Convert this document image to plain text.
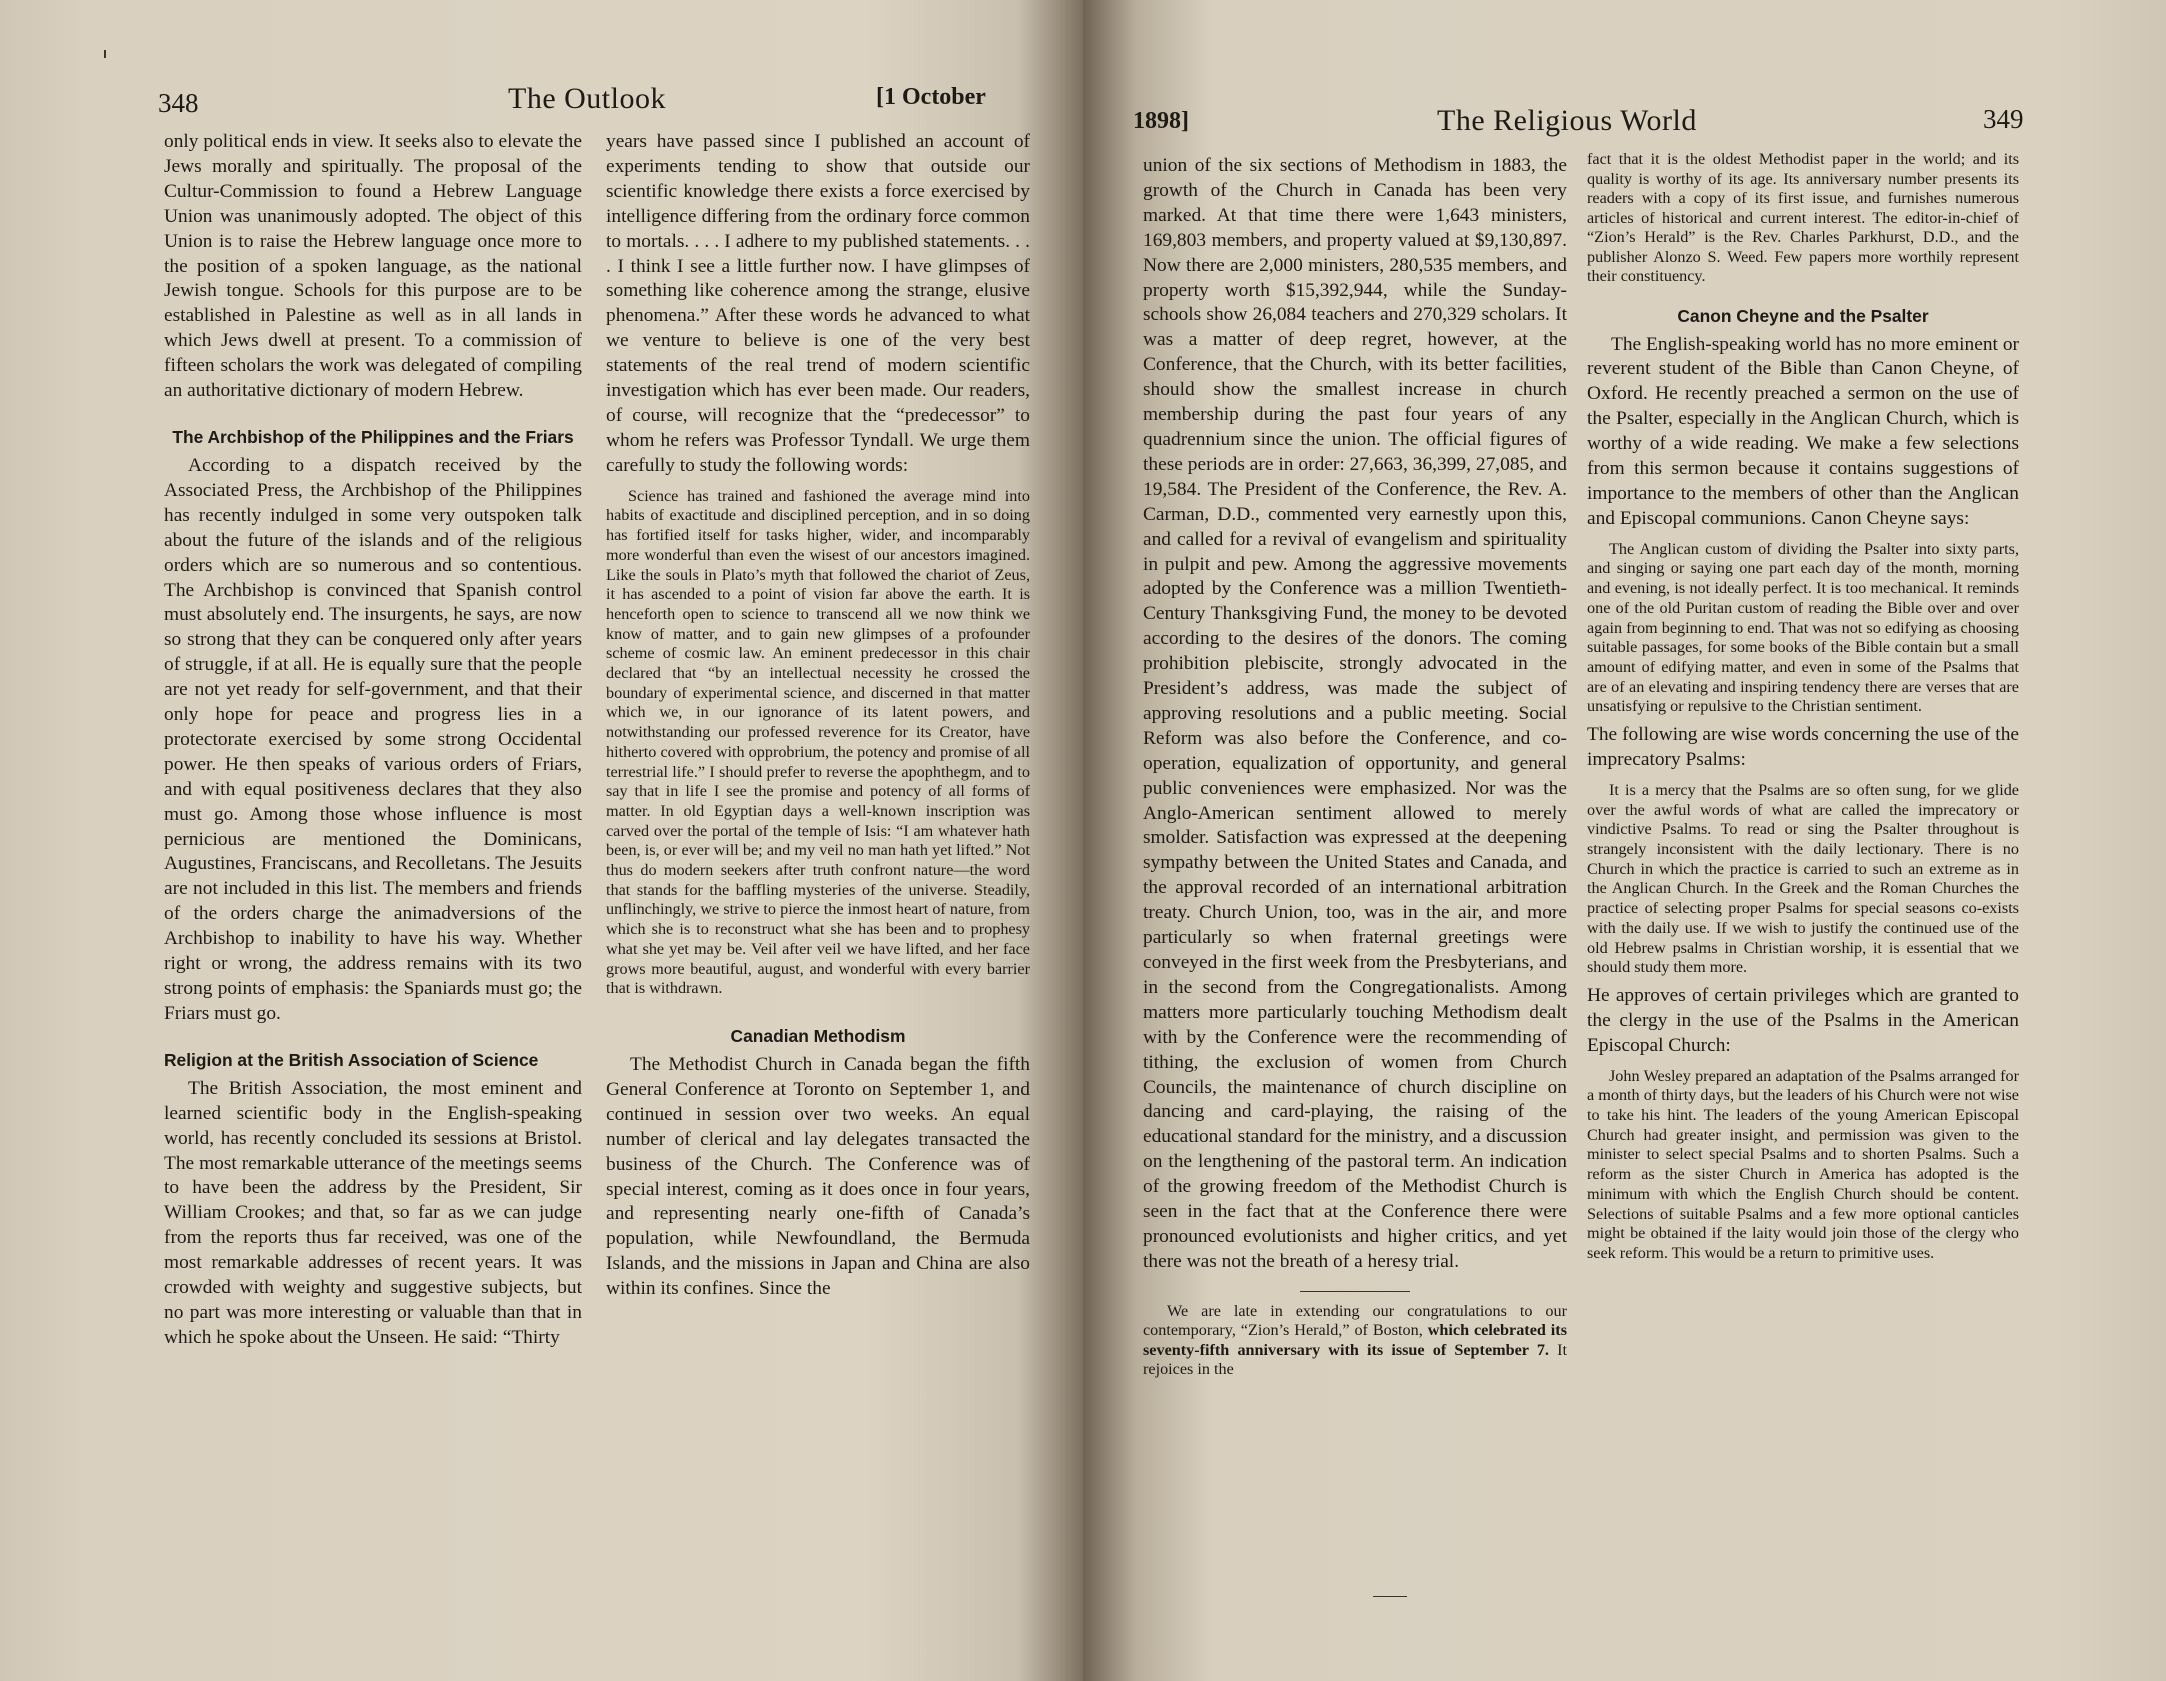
348	The Outlook	[1 October

only political ends in view. It seeks also to elevate the Jews morally and spiritually. The proposal of the Cultur-Commission to found a Hebrew Language Union was unanimously adopted. The object of this Union is to raise the Hebrew language once more to the position of a spoken language, as the national Jewish tongue. Schools for this purpose are to be established in Palestine as well as in all lands in which Jews dwell at present. To a commission of fifteen scholars the work was delegated of compiling an authoritative dictionary of modern Hebrew.

The Archbishop of the Philippines and the Friars

According to a dispatch received by the Associated Press, the Archbishop of the Philippines has recently indulged in some very outspoken talk about the future of the islands and of the religious orders which are so numerous and so contentious. The Archbishop is convinced that Spanish control must absolutely end. The insurgents, he says, are now so strong that they can be conquered only after years of struggle, if at all. He is equally sure that the people are not yet ready for self-government, and that their only hope for peace and progress lies in a protectorate exercised by some strong Occidental power. He then speaks of various orders of Friars, and with equal positiveness declares that they also must go. Among those whose influence is most pernicious are mentioned the Dominicans, Augustines, Franciscans, and Recolletans. The Jesuits are not included in this list. The members and friends of the orders charge the animadversions of the Archbishop to inability to have his way. Whether right or wrong, the address remains with its two strong points of emphasis: the Spaniards must go; the Friars must go.

Religion at the British Association of Science

The British Association, the most eminent and learned scientific body in the English-speaking world, has recently concluded its sessions at Bristol. The most remarkable utterance of the meetings seems to have been the address by the President, Sir William Crookes; and that, so far as we can judge from the reports thus far received, was one of the most remarkable addresses of recent years. It was crowded with weighty and suggestive subjects, but no part was more interesting or valuable than that in which he spoke about the Unseen. He said: “Thirty

years have passed since I published an account of experiments tending to show that outside our scientific knowledge there exists a force exercised by intelligence differing from the ordinary force common to mortals. . . . I adhere to my published statements. . . . I think I see a little further now. I have glimpses of something like coherence among the strange, elusive phenomena.” After these words he advanced to what we venture to believe is one of the very best statements of the real trend of modern scientific investigation which has ever been made. Our readers, of course, will recognize that the “predecessor” to whom he refers was Professor Tyndall. We urge them carefully to study the following words:

Science has trained and fashioned the average mind into habits of exactitude and disciplined perception, and in so doing has fortified itself for tasks higher, wider, and incomparably more wonderful than even the wisest of our ancestors imagined. Like the souls in Plato’s myth that followed the chariot of Zeus, it has ascended to a point of vision far above the earth. It is henceforth open to science to transcend all we now think we know of matter, and to gain new glimpses of a profounder scheme of cosmic law. An eminent predecessor in this chair declared that “by an intellectual necessity he crossed the boundary of experimental science, and discerned in that matter which we, in our ignorance of its latent powers, and notwithstanding our professed reverence for its Creator, have hitherto covered with opprobrium, the potency and promise of all terrestrial life.” I should prefer to reverse the apophthegm, and to say that in life I see the promise and potency of all forms of matter. In old Egyptian days a well-known inscription was carved over the portal of the temple of Isis: “I am whatever hath been, is, or ever will be; and my veil no man hath yet lifted.” Not thus do modern seekers after truth confront nature—the word that stands for the baffling mysteries of the universe. Steadily, unflinchingly, we strive to pierce the inmost heart of nature, from which she is to reconstruct what she has been and to prophesy what she yet may be. Veil after veil we have lifted, and her face grows more beautiful, august, and wonderful with every barrier that is withdrawn.

Canadian Methodism

The Methodist Church in Canada began the fifth General Conference at Toronto on September 1, and continued in session over two weeks. An equal number of clerical and lay delegates transacted the business of the Church. The Conference was of special interest, coming as it does once in four years, and representing nearly one-fifth of Canada’s population, while Newfoundland, the Bermuda Islands, and the missions in Japan and China are also within its confines. Since the

1898]	The Religious World	349

union of the six sections of Methodism in 1883, the growth of the Church in Canada has been very marked. At that time there were 1,643 ministers, 169,803 members, and property valued at $9,130,897. Now there are 2,000 ministers, 280,535 members, and property worth $15,392,944, while the Sunday-schools show 26,084 teachers and 270,329 scholars. It was a matter of deep regret, however, at the Conference, that the Church, with its better facilities, should show the smallest increase in church membership during the past four years of any quadrennium since the union. The official figures of these periods are in order: 27,663, 36,399, 27,085, and 19,584. The President of the Conference, the Rev. A. Carman, D.D., commented very earnestly upon this, and called for a revival of evangelism and spirituality in pulpit and pew. Among the aggressive movements adopted by the Conference was a million Twentieth-Century Thanksgiving Fund, the money to be devoted according to the desires of the donors. The coming prohibition plebiscite, strongly advocated in the President’s address, was made the subject of approving resolutions and a public meeting. Social Reform was also before the Conference, and co-operation, equalization of opportunity, and general public conveniences were emphasized. Nor was the Anglo-American sentiment allowed to merely smolder. Satisfaction was expressed at the deepening sympathy between the United States and Canada, and the approval recorded of an international arbitration treaty. Church Union, too, was in the air, and more particularly so when fraternal greetings were conveyed in the first week from the Presbyterians, and in the second from the Congregationalists. Among matters more particularly touching Methodism dealt with by the Conference were the recommending of tithing, the exclusion of women from Church Councils, the maintenance of church discipline on dancing and card-playing, the raising of the educational standard for the ministry, and a discussion on the lengthening of the pastoral term. An indication of the growing freedom of the Methodist Church is seen in the fact that at the Conference there were pronounced evolutionists and higher critics, and yet there was not the breath of a heresy trial.

We are late in extending our congratulations to our contemporary, “Zion’s Herald,” of Boston, which celebrated its seventy-fifth anniversary with its issue of September 7. It rejoices in the

fact that it is the oldest Methodist paper in the world; and its quality is worthy of its age. Its anniversary number presents its readers with a copy of its first issue, and furnishes numerous articles of historical and current interest. The editor-in-chief of “Zion’s Herald” is the Rev. Charles Parkhurst, D.D., and the publisher Alonzo S. Weed. Few papers more worthily represent their constituency.

Canon Cheyne and the Psalter

The English-speaking world has no more eminent or reverent student of the Bible than Canon Cheyne, of Oxford. He recently preached a sermon on the use of the Psalter, especially in the Anglican Church, which is worthy of a wide reading. We make a few selections from this sermon because it contains suggestions of importance to the members of other than the Anglican and Episcopal communions. Canon Cheyne says:

The Anglican custom of dividing the Psalter into sixty parts, and singing or saying one part each day of the month, morning and evening, is not ideally perfect. It is too mechanical. It reminds one of the old Puritan custom of reading the Bible over and over again from beginning to end. That was not so edifying as choosing suitable passages, for some books of the Bible contain but a small amount of edifying matter, and even in some of the Psalms that are of an elevating and inspiring tendency there are verses that are unsatisfying or repulsive to the Christian sentiment.

The following are wise words concerning the use of the imprecatory Psalms:

It is a mercy that the Psalms are so often sung, for we glide over the awful words of what are called the imprecatory or vindictive Psalms. To read or sing the Psalter throughout is strangely inconsistent with the daily lectionary. There is no Church in which the practice is carried to such an extreme as in the Anglican Church. In the Greek and the Roman Churches the practice of selecting proper Psalms for special seasons co-exists with the daily use. If we wish to justify the continued use of the old Hebrew psalms in Christian worship, it is essential that we should study them more.

He approves of certain privileges which are granted to the clergy in the use of the Psalms in the American Episcopal Church:

John Wesley prepared an adaptation of the Psalms arranged for a month of thirty days, but the leaders of his Church were not wise to take his hint. The leaders of the young American Episcopal Church had greater insight, and permission was given to the minister to select special Psalms and to shorten Psalms. Such a reform as the sister Church in America has adopted is the minimum with which the English Church should be content. Selections of suitable Psalms and a few more optional canticles might be obtained if the laity would join those of the clergy who seek reform. This would be a return to primitive uses.
